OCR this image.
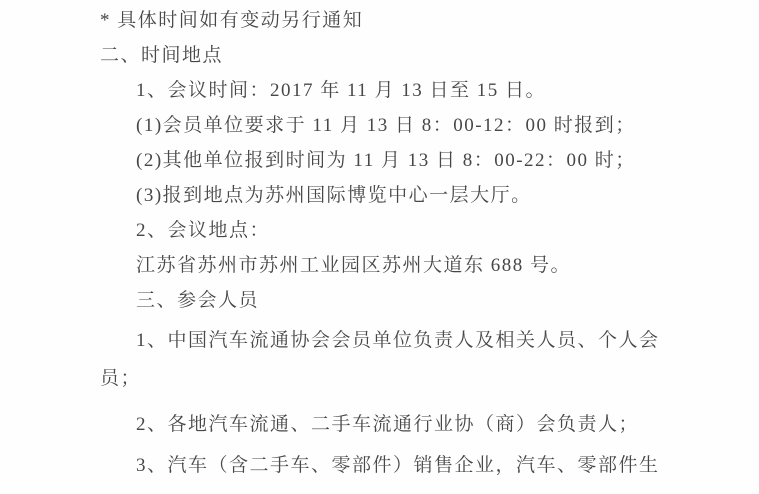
* 具体时间如有变动另行通知
二、时间地点
1、会议时间：2017 年 11 月 13 日至 15 日。
(1)会员单位要求于 11 月 13 日 8：00-12：00 时报到；
(2)其他单位报到时间为 11 月 13 日 8：00-22：00 时；
(3)报到地点为苏州国际博览中心一层大厅。
2、会议地点：
江苏省苏州市苏州工业园区苏州大道东 688 号。
三、参会人员
1、中国汽车流通协会会员单位负责人及相关人员、个人会
员；
2、各地汽车流通、二手车流通行业协（商）会负责人；
3、汽车（含二手车、零部件）销售企业，汽车、零部件生
